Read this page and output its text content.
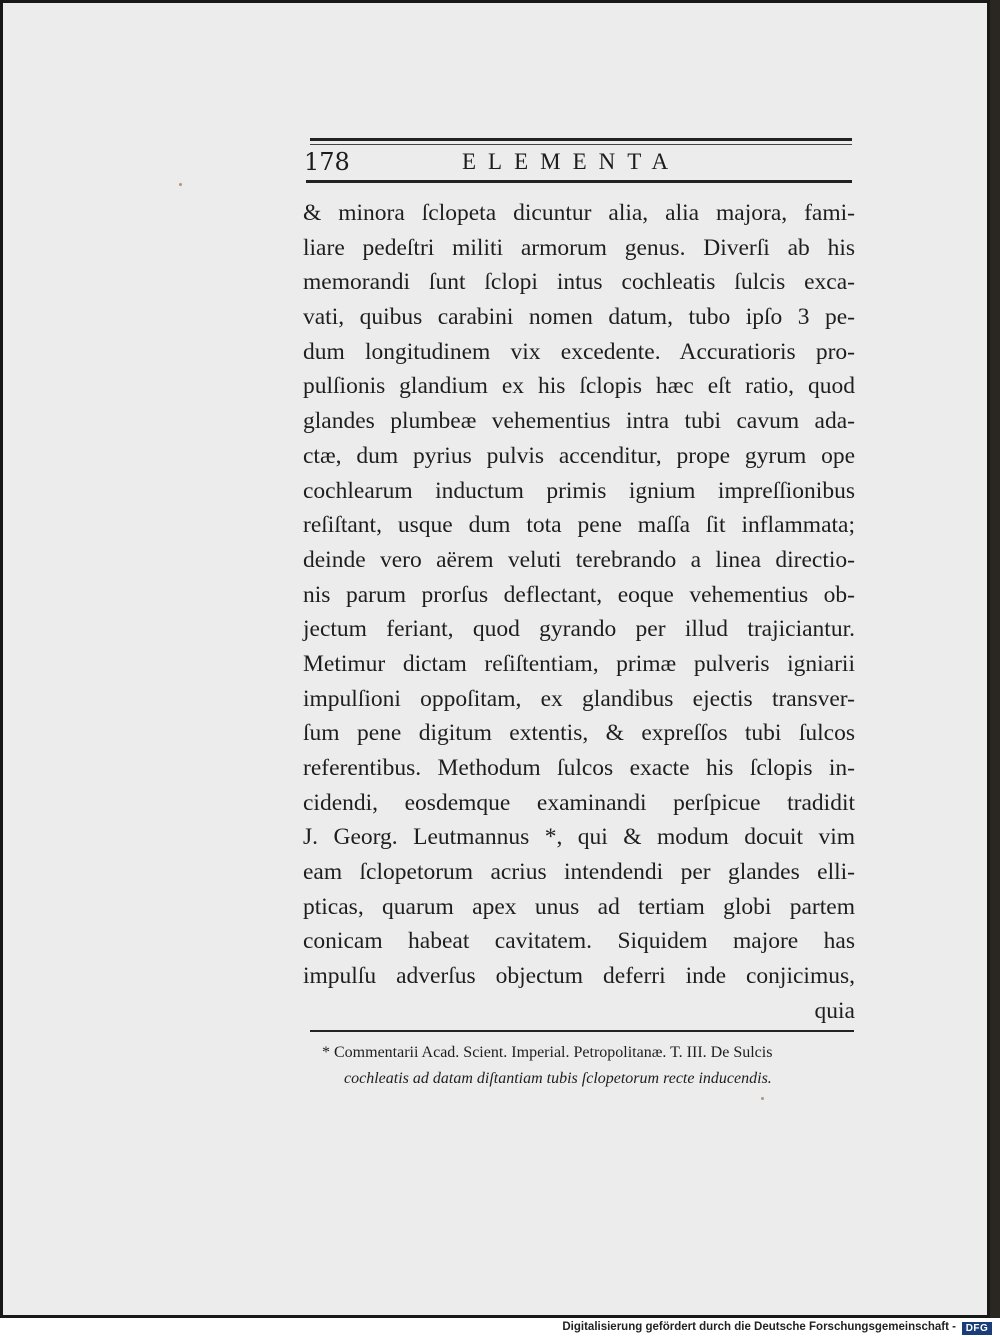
178	ELEMENTA
& minora ſclopeta dicuntur alia, alia majora, fami-
liare pedeſtri militi armorum genus. Diverſi ab his
memorandi ſunt ſclopi intus cochleatis ſulcis exca-
vati, quibus carabini nomen datum, tubo ipſo 3 pe-
dum longitudinem vix excedente. Accuratioris pro-
pulſionis glandium ex his ſclopis hæc eſt ratio, quod
glandes plumbeæ vehementius intra tubi cavum ada-
ctæ, dum pyrius pulvis accenditur, prope gyrum ope
cochlearum inductum primis ignium impreſſionibus
reſiſtant, usque dum tota pene maſſa ſit inflammata;
deinde vero aërem veluti terebrando a linea directio-
nis parum prorſus deflectant, eoque vehementius ob-
jectum feriant, quod gyrando per illud trajiciantur.
Metimur dictam reſiſtentiam, primæ pulveris igniarii
impulſioni oppoſitam, ex glandibus ejectis transver-
ſum pene digitum extentis, & expreſſos tubi ſulcos
referentibus. Methodum ſulcos exacte his ſclopis in-
cidendi, eosdemque examinandi perſpicue tradidit
J. Georg. Leutmannus *, qui & modum docuit vim
eam ſclopetorum acrius intendendi per glandes elli-
pticas, quarum apex unus ad tertiam globi partem
conicam habeat cavitatem. Siquidem majore has
impulſu adverſus objectum deferri inde conjicimus,
quia
* Commentarii Acad. Scient. Imperial. Petropolitanæ. T. III. De Sulcis
cochleatis ad datam diſtantiam tubis ſclopetorum recte inducendis.
Digitalisierung gefördert durch die Deutsche Forschungsgemeinschaft - DFG
